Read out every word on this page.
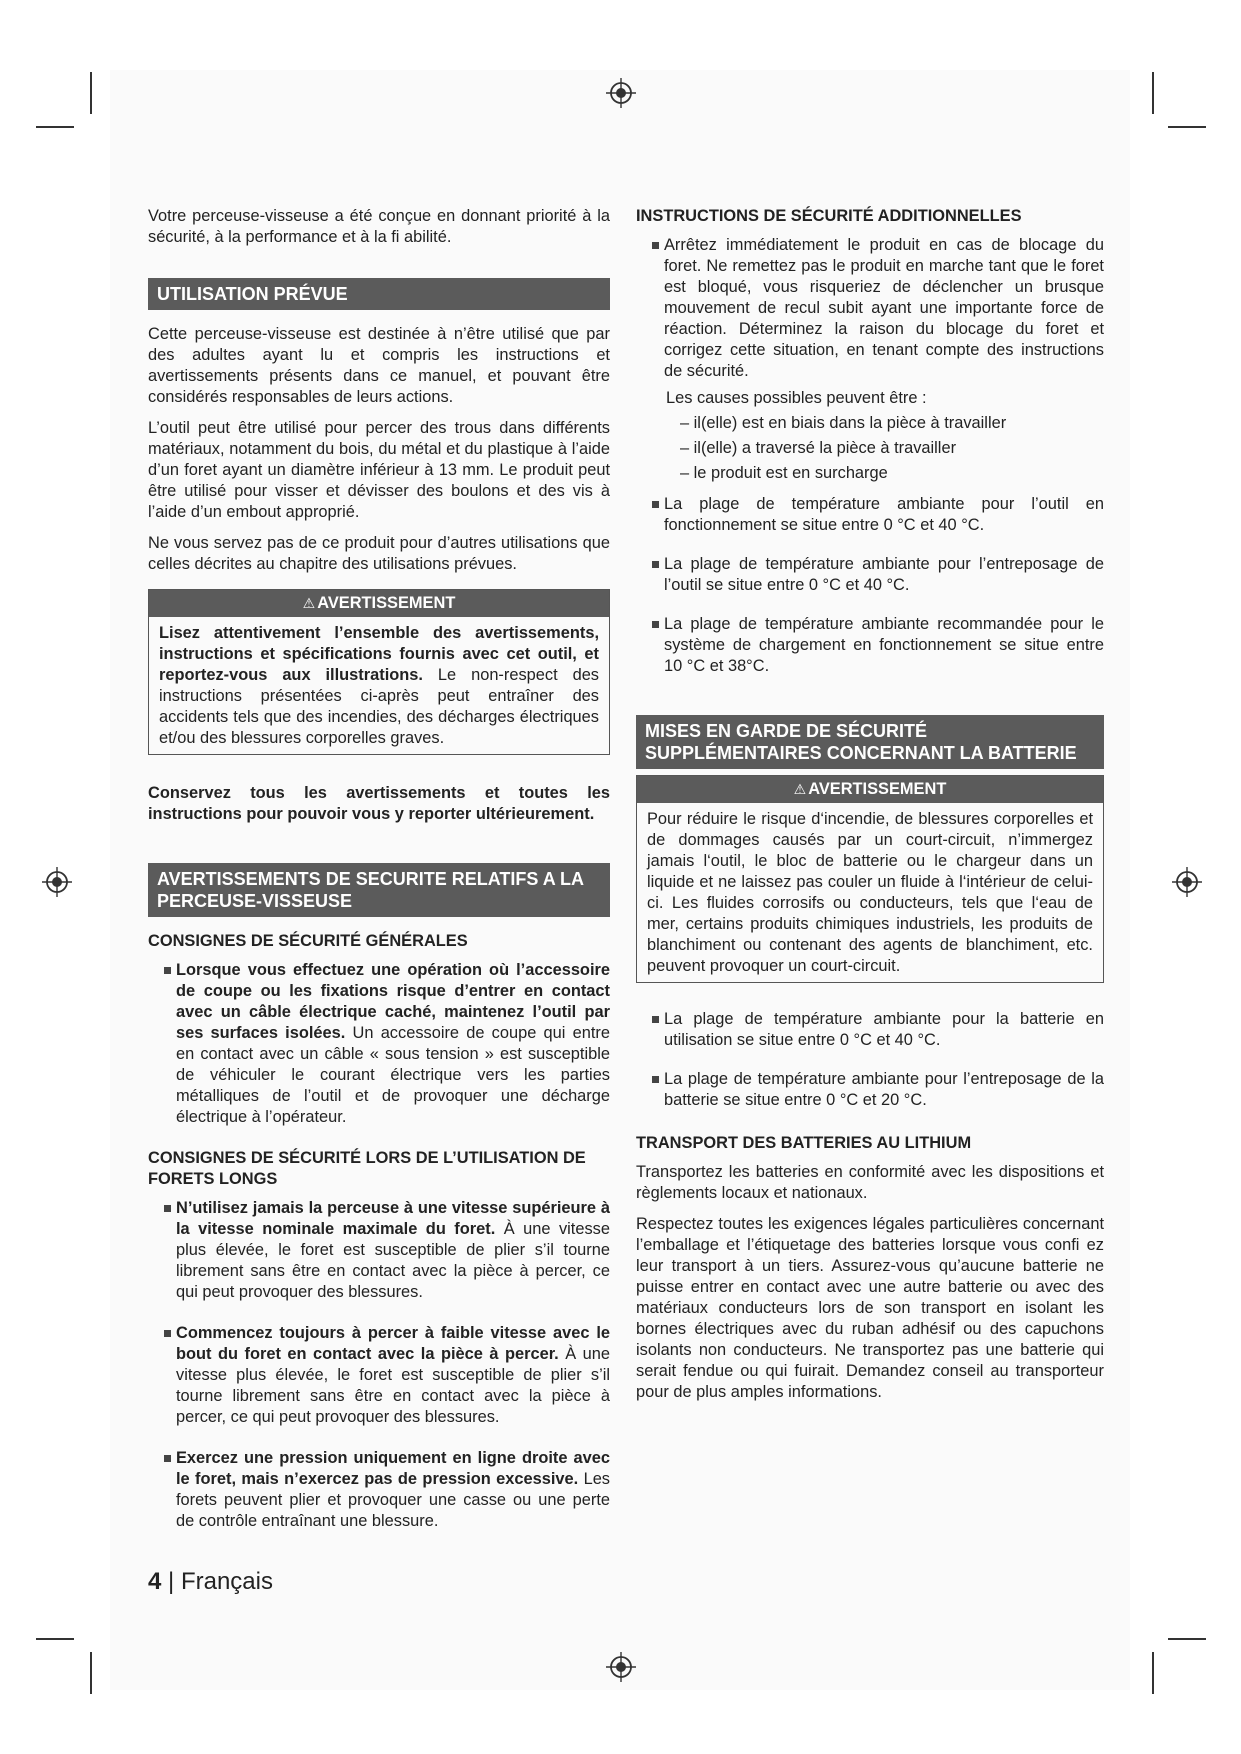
Votre perceuse-visseuse a été conçue en donnant priorité à la sécurité, à la performance et à la fi abilité.

UTILISATION PRÉVUE

Cette perceuse-visseuse est destinée à n’être utilisé que par des adultes ayant lu et compris les instructions et avertissements présents dans ce manuel, et pouvant être considérés responsables de leurs actions.

L’outil peut être utilisé pour percer des trous dans différents matériaux, notamment du bois, du métal et du plastique à l’aide d’un foret ayant un diamètre inférieur à 13 mm. Le produit peut être utilisé pour visser et dévisser des boulons et des vis à l’aide d’un embout approprié.

Ne vous servez pas de ce produit pour d’autres utilisations que celles décrites au chapitre des utilisations prévues.

⚠ AVERTISSEMENT
Lisez attentivement l’ensemble des avertissements, instructions et spécifications fournis avec cet outil, et reportez-vous aux illustrations. Le non-respect des instructions présentées ci-après peut entraîner des accidents tels que des incendies, des décharges électriques et/ou des blessures corporelles graves.

Conservez tous les avertissements et toutes les instructions pour pouvoir vous y reporter ultérieurement.

AVERTISSEMENTS DE SECURITE RELATIFS A LA
PERCEUSE-VISSEUSE
CONSIGNES DE SÉCURITÉ GÉNÉRALES
Lorsque vous effectuez une opération où l’accessoire de coupe ou les fixations risque d’entrer en contact avec un câble électrique caché, maintenez l’outil par ses surfaces isolées. Un accessoire de coupe qui entre en contact avec un câble « sous tension » est susceptible de véhiculer le courant électrique vers les parties métalliques de l’outil et de provoquer une décharge électrique à l’opérateur.
CONSIGNES DE SÉCURITÉ LORS DE L’UTILISATION DE FORETS LONGS
N’utilisez jamais la perceuse à une vitesse supérieure à la vitesse nominale maximale du foret. À une vitesse plus élevée, le foret est susceptible de plier s’il tourne librement sans être en contact avec la pièce à percer, ce qui peut provoquer des blessures.
Commencez toujours à percer à faible vitesse avec le bout du foret en contact avec la pièce à percer. À une vitesse plus élevée, le foret est susceptible de plier s’il tourne librement sans être en contact avec la pièce à percer, ce qui peut provoquer des blessures.
Exercez une pression uniquement en ligne droite avec le foret, mais n’exercez pas de pression excessive. Les forets peuvent plier et provoquer une casse ou une perte de contrôle entraînant une blessure.
INSTRUCTIONS DE SÉCURITÉ ADDITIONNELLES
Arrêtez immédiatement le produit en cas de blocage du foret. Ne remettez pas le produit en marche tant que le foret est bloqué, vous risqueriez de déclencher un brusque mouvement de recul subit ayant une importante force de réaction. Déterminez la raison du blocage du foret et corrigez cette situation, en tenant compte des instructions de sécurité.
Les causes possibles peuvent être :
– il(elle) est en biais dans la pièce à travailler
– il(elle) a traversé la pièce à travailler
– le produit est en surcharge
La plage de température ambiante pour l’outil en fonctionnement se situe entre 0 °C et 40 °C.
La plage de température ambiante pour l’entreposage de l’outil se situe entre 0 °C et 40 °C.
La plage de température ambiante recommandée pour le système de chargement en fonctionnement se situe entre 10 °C et 38°C.
MISES EN GARDE DE SÉCURITÉ
SUPPLÉMENTAIRES CONCERNANT LA BATTERIE
⚠ AVERTISSEMENT
Pour réduire le risque d‘incendie, de blessures corporelles et de dommages causés par un court-circuit, n’immergez jamais l‘outil, le bloc de batterie ou le chargeur dans un liquide et ne laissez pas couler un fluide à l‘intérieur de celui-ci. Les fluides corrosifs ou conducteurs, tels que l‘eau de mer, certains produits chimiques industriels, les produits de blanchiment ou contenant des agents de blanchiment, etc. peuvent provoquer un court-circuit.
La plage de température ambiante pour la batterie en utilisation se situe entre 0 °C et 40 °C.
La plage de température ambiante pour l’entreposage de la batterie se situe entre 0 °C et 20 °C.
TRANSPORT DES BATTERIES AU LITHIUM

Transportez les batteries en conformité avec les dispositions et règlements locaux et nationaux.

Respectez toutes les exigences légales particulières concernant l’emballage et l’étiquetage des batteries lorsque vous confi ez leur transport à un tiers. Assurez-vous qu’aucune batterie ne puisse entrer en contact avec une autre batterie ou avec des matériaux conducteurs lors de son transport en isolant les bornes électriques avec du ruban adhésif ou des capuchons isolants non conducteurs. Ne transportez pas une batterie qui serait fendue ou qui fuirait. Demandez conseil au transporteur pour de plus amples informations.

4 | Français
